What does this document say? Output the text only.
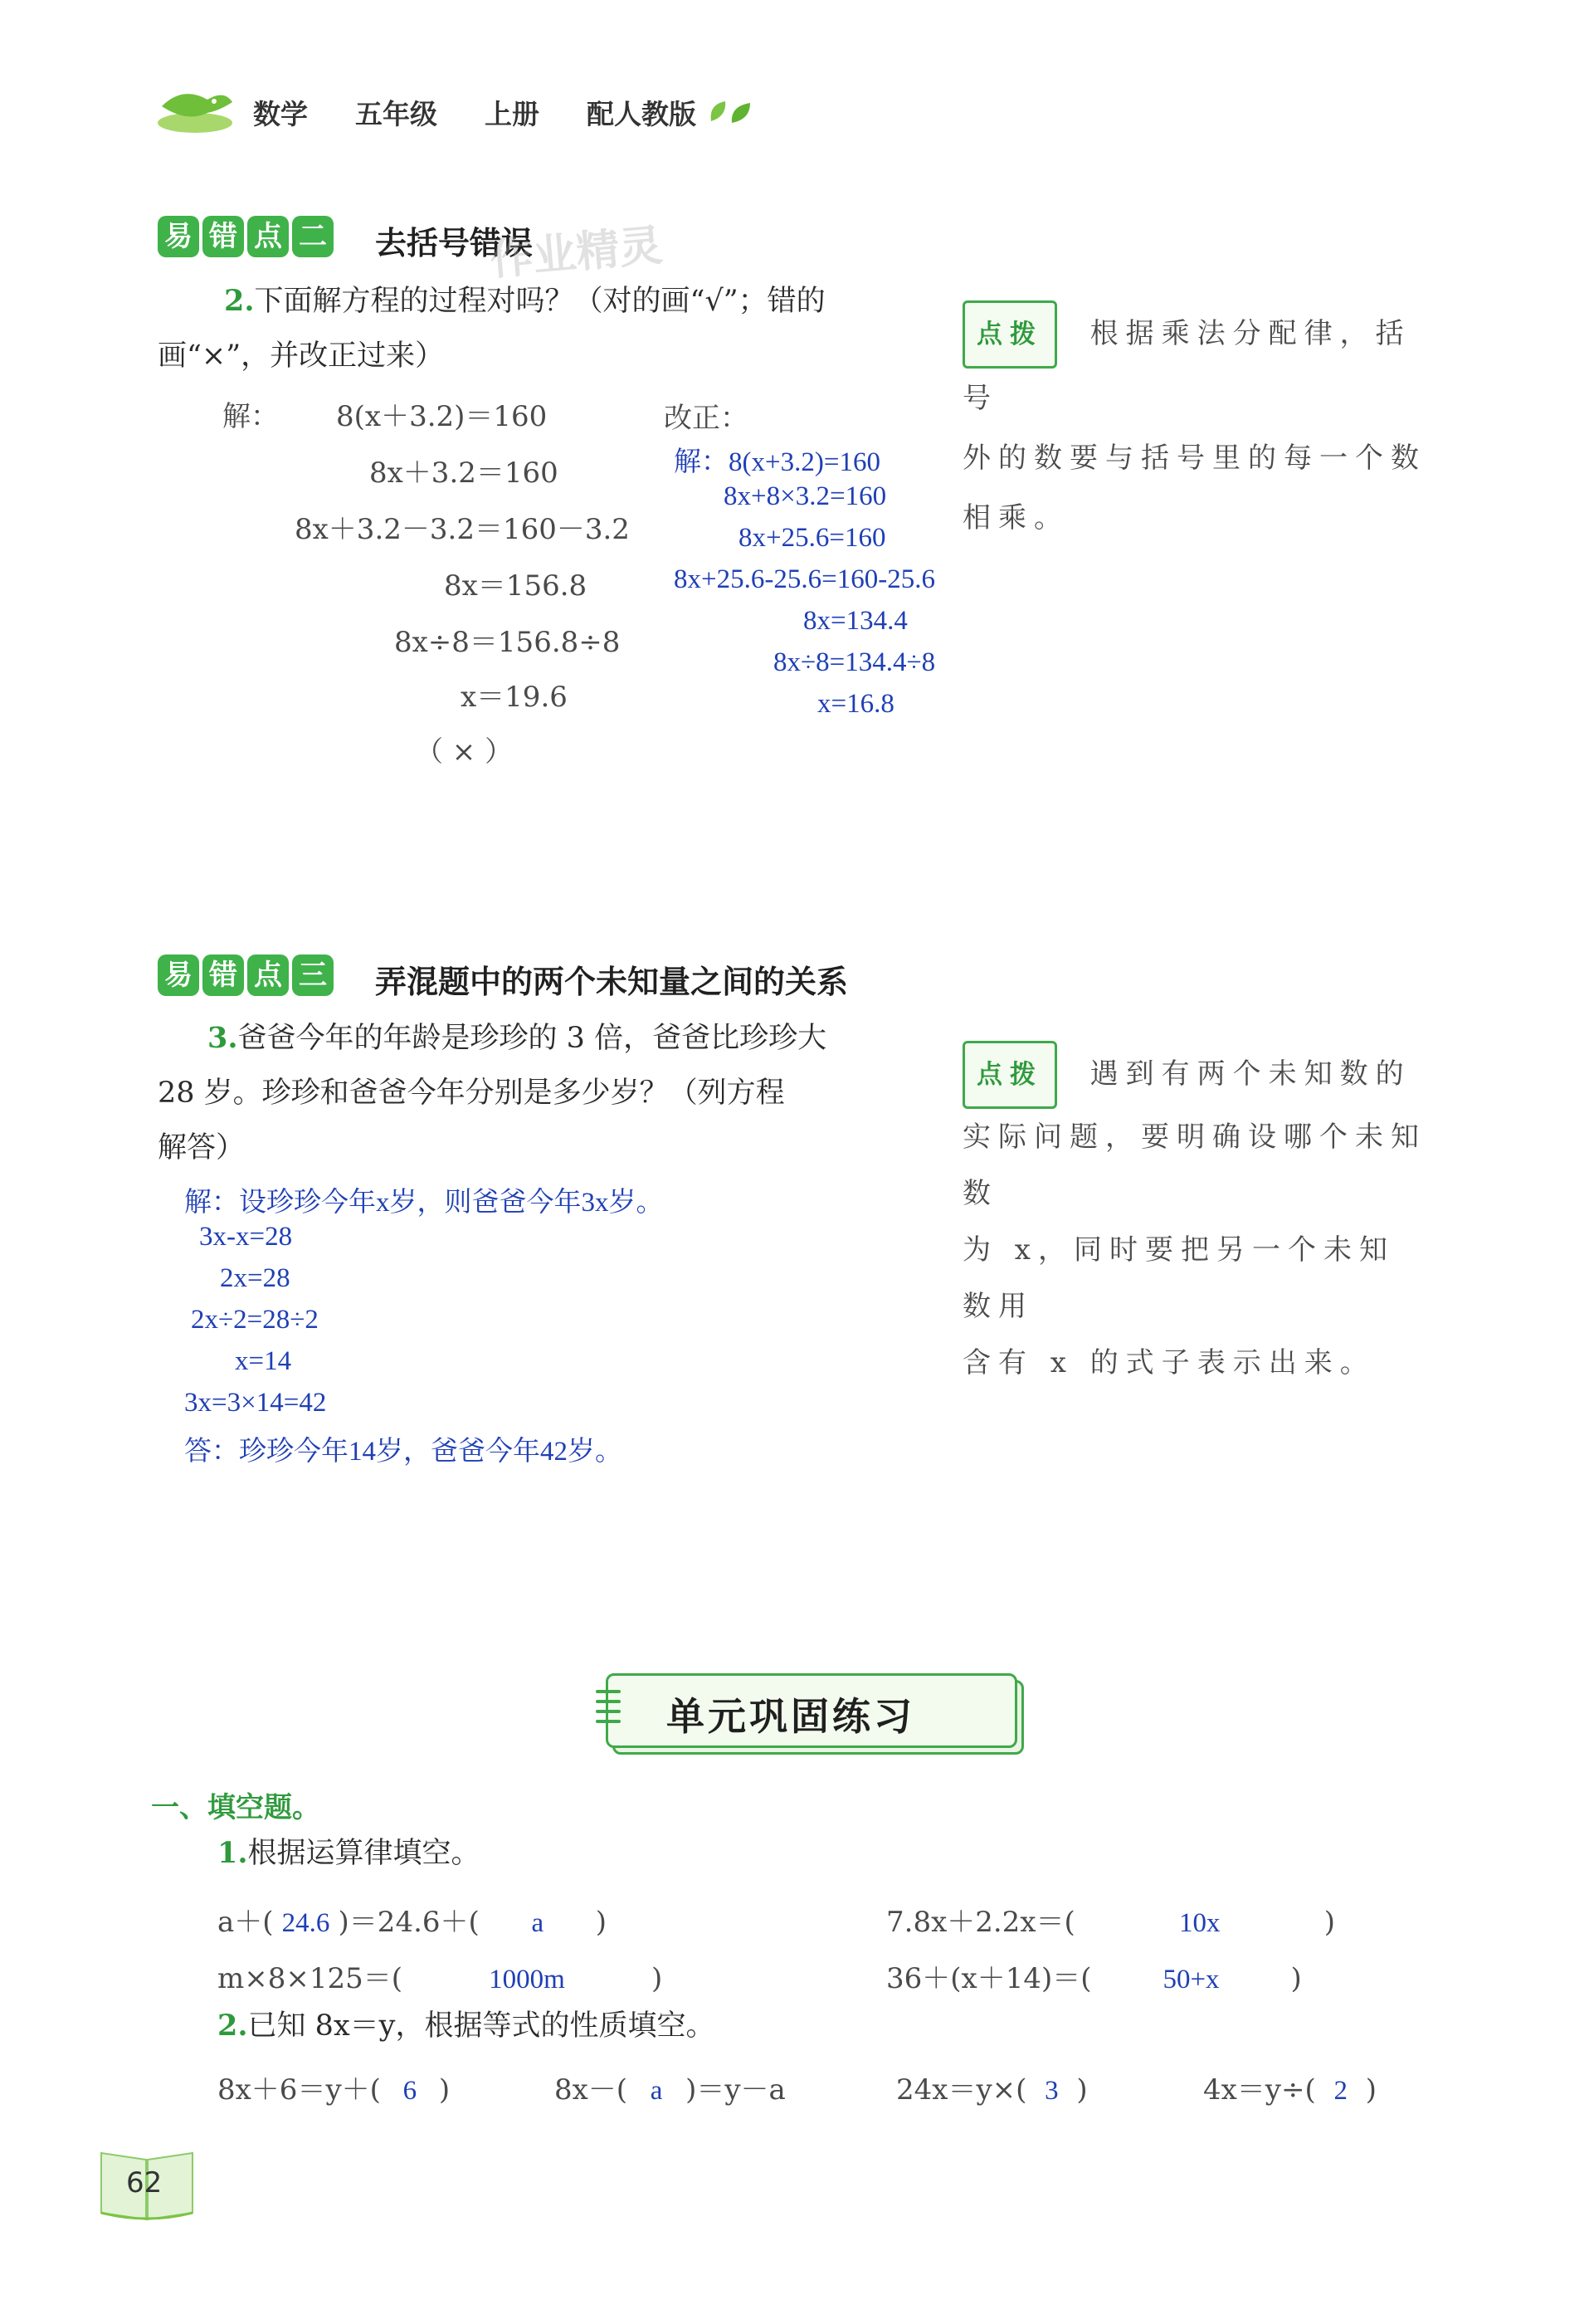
数学 五年级 上册 配人教版
易 错 点 二 去括号错误
作业精灵
2.下面解方程的过程对吗？（对的画“√”；错的
画“×”，并改正过来）
解： 8(x＋3.2)＝160
8x＋3.2＝160
8x＋3.2－3.2＝160－3.2
8x＝156.8
8x÷8＝156.8÷8
x＝19.6
（ × ）
改正：
解：8(x+3.2)=160
8x+8×3.2=160
8x+25.6=160
8x+25.6-25.6=160-25.6
8x=134.4
8x÷8=134.4÷8
x=16.8
点拨 根据乘法分配律，括号
外的数要与括号里的每一个数
相乘。
易 错 点 三 弄混题中的两个未知量之间的关系
3.爸爸今年的年龄是珍珍的 3 倍，爸爸比珍珍大
28 岁。珍珍和爸爸今年分别是多少岁？（列方程
解答）
解：设珍珍今年x岁，则爸爸今年3x岁。
3x-x=28
2x=28
2x÷2=28÷2
x=14
3x=3×14=42
答：珍珍今年14岁，爸爸今年42岁。
点拨 遇到有两个未知数的
实际问题，要明确设哪个未知数
为 x，同时要把另一个未知数用
含有 x 的式子表示出来。
单元巩固练习
一、填空题。
1.根据运算律填空。
a＋( 24.6 )＝24.6＋( a )	7.8x＋2.2x＝(	10x	)
m×8×125＝(	1000m	)	36＋(x＋14)＝(	50+x	)
2.已知 8x＝y，根据等式的性质填空。
8x＋6＝y＋( 6 )	8x－( a )＝y－a	24x＝y×( 3 )	4x＝y÷( 2 )
62
